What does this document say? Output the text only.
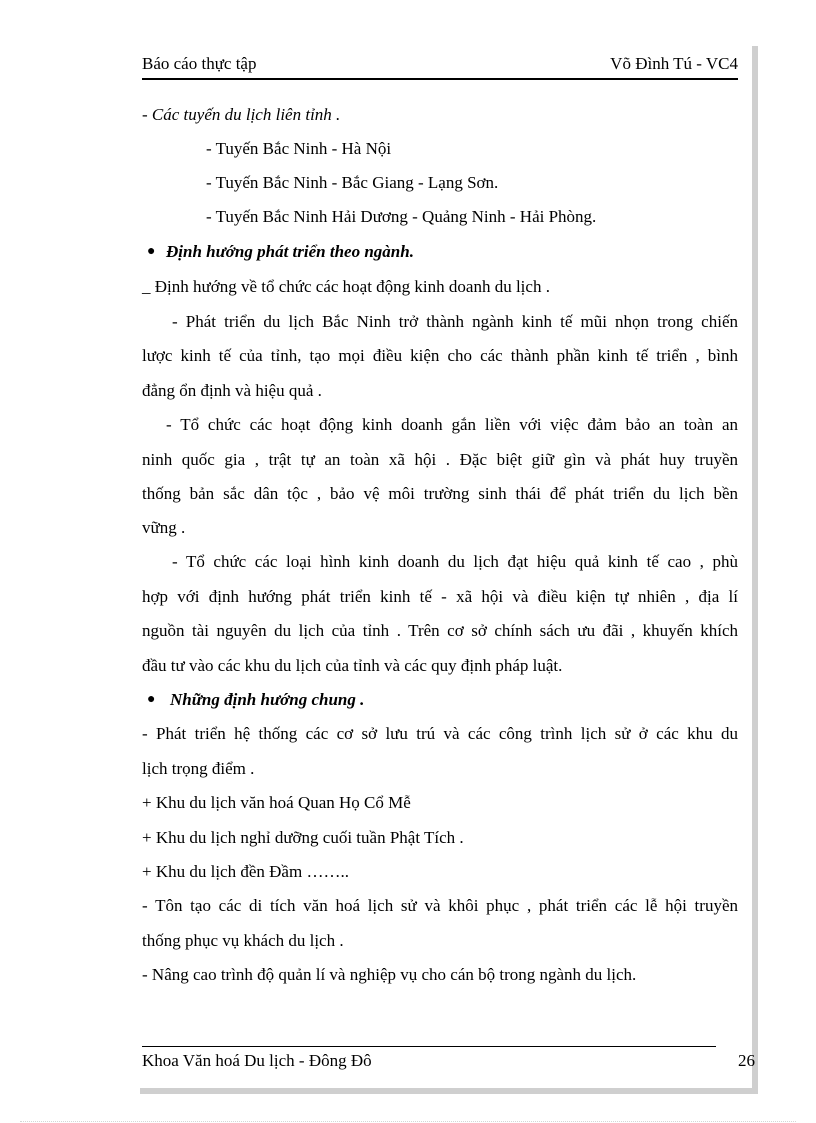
Báo cáo thực tập	Võ Đình Tú - VC4
- Các tuyến du lịch liên tỉnh .
- Tuyến Bắc Ninh - Hà Nội
- Tuyến Bắc Ninh - Bắc Giang - Lạng Sơn.
- Tuyến Bắc Ninh Hải Dương - Quảng Ninh - Hải Phòng.
● Định hướng phát triển theo ngành.
_ Định hướng về tổ chức các hoạt động kinh doanh du lịch .
- Phát triển du lịch Bắc Ninh trở thành ngành kinh tế mũi nhọn trong chiến
lược kinh tế của tỉnh, tạo mọi điều kiện cho các thành phần kinh tế triển , bình
đẳng ổn định và hiệu quả .
- Tổ chức các hoạt động kinh doanh gắn liền với việc đảm bảo an toàn an
ninh quốc gia , trật tự an toàn xã hội . Đặc biệt giữ gìn và phát huy truyền
thống bản sắc dân tộc , bảo vệ môi trường sinh thái để phát triển du lịch bền
vững .
- Tổ chức các loại hình kinh doanh du lịch đạt hiệu quả kinh tế cao , phù
hợp với định hướng phát triển kinh tế - xã hội và điều kiện tự nhiên , địa lí
nguồn tài nguyên du lịch của tỉnh . Trên cơ sở chính sách ưu đãi , khuyến khích
đầu tư vào các khu du lịch của tỉnh và các quy định pháp luật.
● Những định hướng chung .
- Phát triển hệ thống các cơ sở lưu trú và các công trình lịch sử ở các khu du
lịch trọng điểm .
+ Khu du lịch văn hoá Quan Họ Cổ Mễ
+ Khu du lịch nghỉ dưỡng cuối tuần Phật Tích .
+ Khu du lịch đền Đầm ……..
- Tôn tạo các di tích văn hoá lịch sử và khôi phục , phát triển các lễ hội truyền
thống phục vụ khách du lịch .
- Nâng cao trình độ quản lí và nghiệp vụ cho cán bộ trong ngành du lịch.
Khoa Văn hoá Du lịch - Đông Đô	26
